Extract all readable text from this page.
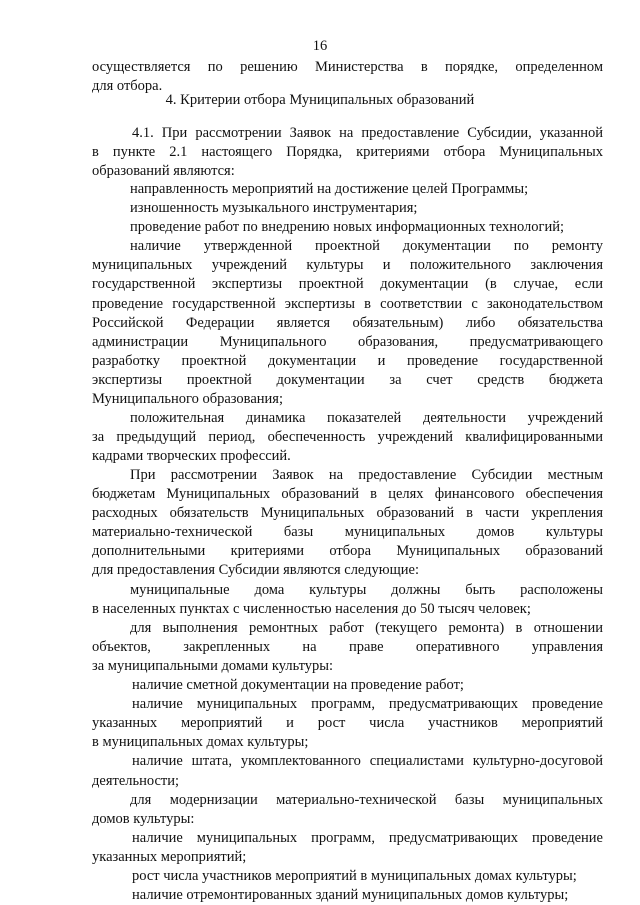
16
осуществляется по решению Министерства в порядке, определенном
для отбора.
4. Критерии отбора Муниципальных образований
4.1. При рассмотрении Заявок на предоставление Субсидии, указанной
в пункте 2.1 настоящего Порядка, критериями отбора Муниципальных
образований являются:
направленность мероприятий на достижение целей Программы;
изношенность музыкального инструментария;
проведение работ по внедрению новых информационных технологий;
наличие утвержденной проектной документации по ремонту
муниципальных учреждений культуры и положительного заключения
государственной экспертизы проектной документации (в случае, если
проведение государственной экспертизы в соответствии с законодательством
Российской Федерации является обязательным) либо обязательства
администрации Муниципального образования, предусматривающего
разработку проектной документации и проведение государственной
экспертизы проектной документации за счет средств бюджета
Муниципального образования;
положительная динамика показателей деятельности учреждений
за предыдущий период, обеспеченность учреждений квалифицированными
кадрами творческих профессий.
При рассмотрении Заявок на предоставление Субсидии местным
бюджетам Муниципальных образований в целях финансового обеспечения
расходных обязательств Муниципальных образований в части укрепления
материально-технической базы муниципальных домов культуры
дополнительными критериями отбора Муниципальных образований
для предоставления Субсидии являются следующие:
муниципальные дома культуры должны быть расположены
в населенных пунктах с численностью населения до 50 тысяч человек;
для выполнения ремонтных работ (текущего ремонта) в отношении
объектов, закрепленных на праве оперативного управления
за муниципальными домами культуры:
наличие сметной документации на проведение работ;
наличие муниципальных программ, предусматривающих проведение
указанных мероприятий и рост числа участников мероприятий
в муниципальных домах культуры;
наличие штата, укомплектованного специалистами культурно-досуговой
деятельности;
для модернизации материально-технической базы муниципальных
домов культуры:
наличие муниципальных программ, предусматривающих проведение
указанных мероприятий;
рост числа участников мероприятий в муниципальных домах культуры;
наличие отремонтированных зданий муниципальных домов культуры;
